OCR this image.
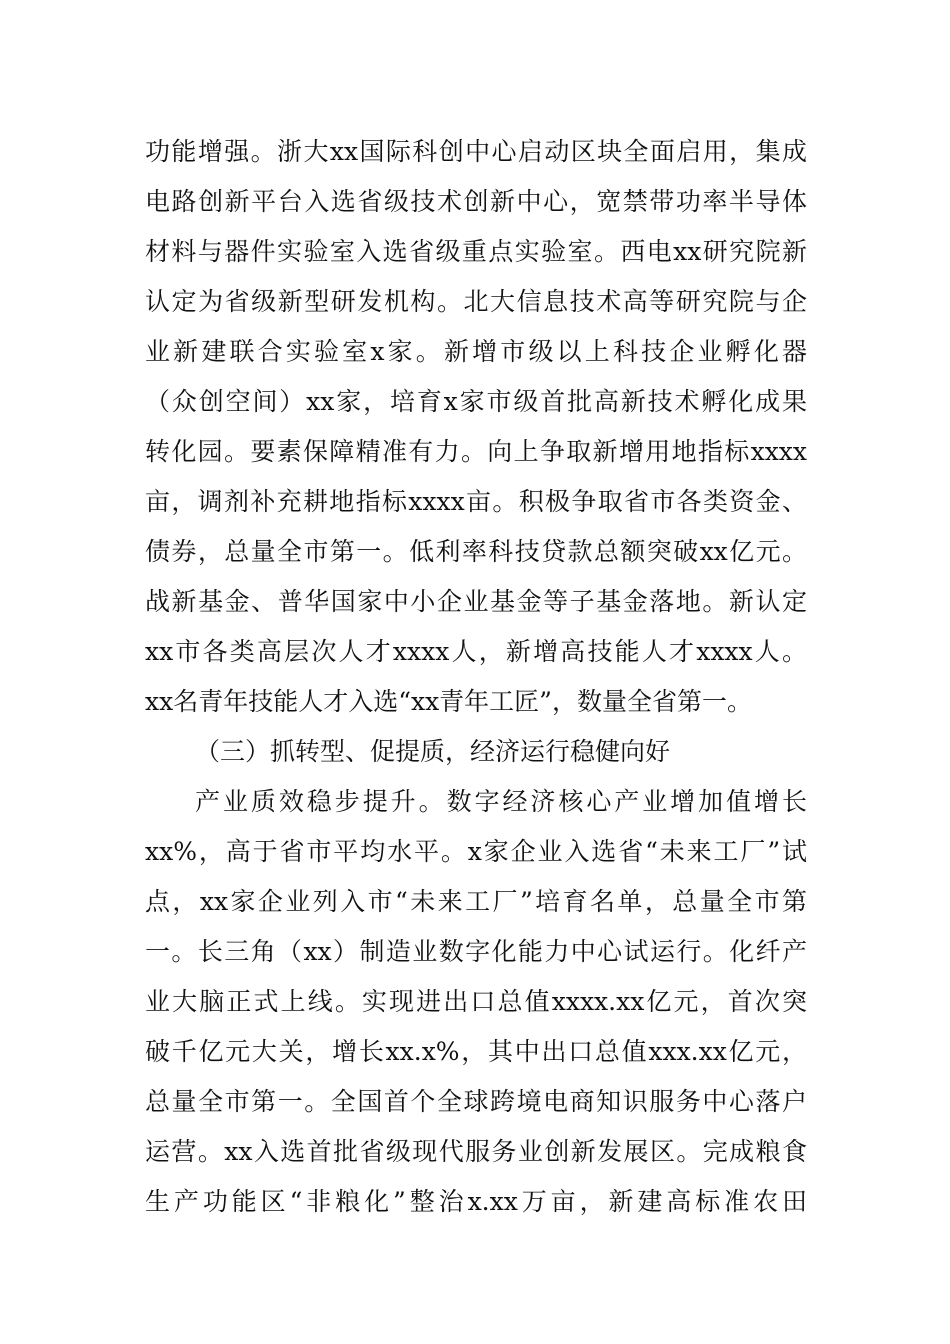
功能增强。浙大xx国际科创中心启动区块全面启用，集成
电路创新平台入选省级技术创新中心，宽禁带功率半导体
材料与器件实验室入选省级重点实验室。西电xx研究院新
认定为省级新型研发机构。北大信息技术高等研究院与企
业新建联合实验室x家。新增市级以上科技企业孵化器
（众创空间）xx家，培育x家市级首批高新技术孵化成果
转化园。要素保障精准有力。向上争取新增用地指标xxxx
亩，调剂补充耕地指标xxxx亩。积极争取省市各类资金、
债券，总量全市第一。低利率科技贷款总额突破xx亿元。
战新基金、普华国家中小企业基金等子基金落地。新认定
xx市各类高层次人才xxxx人，新增高技能人才xxxx人。
xx名青年技能人才入选“xx青年工匠”，数量全省第一。
（三）抓转型、促提质，经济运行稳健向好
产业质效稳步提升。数字经济核心产业增加值增长
xx%，高于省市平均水平。x家企业入选省“未来工厂”试
点，xx家企业列入市“未来工厂”培育名单，总量全市第
一。长三角（xx）制造业数字化能力中心试运行。化纤产
业大脑正式上线。实现进出口总值xxxx.xx亿元，首次突
破千亿元大关，增长xx.x%，其中出口总值xxx.xx亿元，
总量全市第一。全国首个全球跨境电商知识服务中心落户
运营。xx入选首批省级现代服务业创新发展区。完成粮食
生产功能区“非粮化”整治x.xx万亩，新建高标准农田
